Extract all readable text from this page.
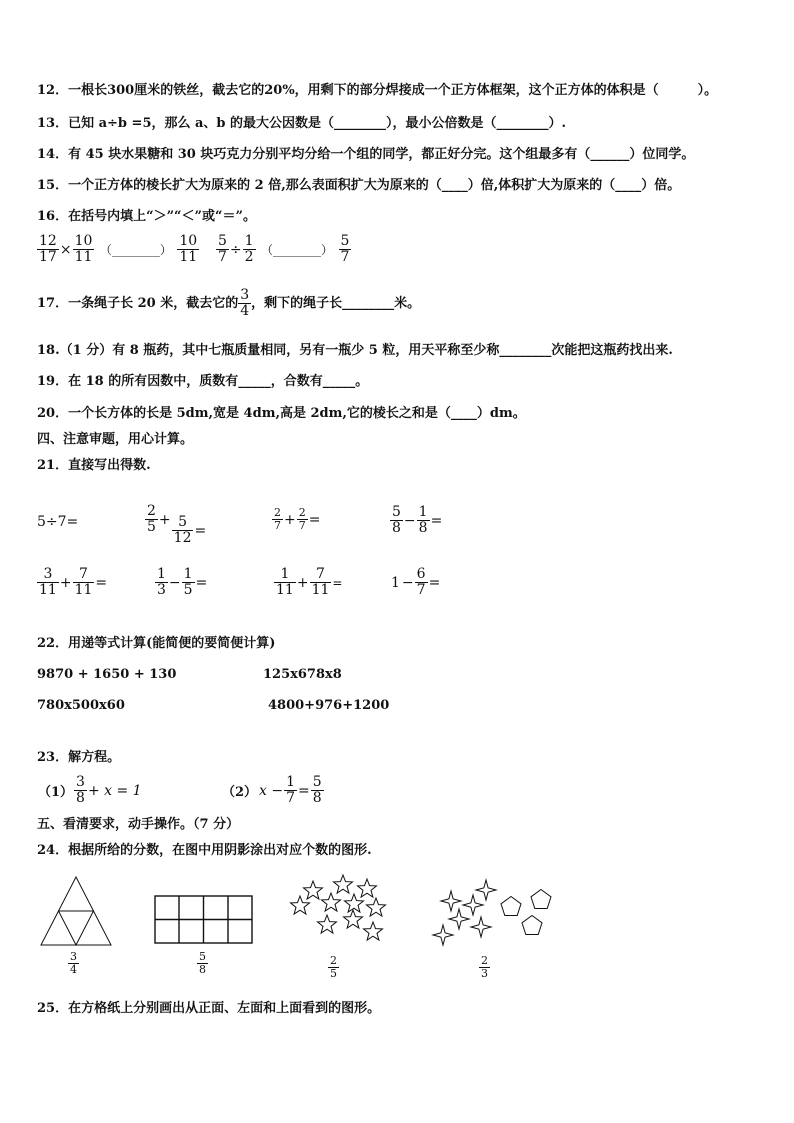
12．一根长300厘米的铁丝，截去它的20%，用剩下的部分焊接成一个正方体框架，这个正方体的体积是（　　　）。
13．已知 a÷b =5，那么 a、b 的最大公因数是（________），最小公倍数是（________）.
14．有 45 块水果糖和 30 块巧克力分别平均分给一个组的同学，都正好分完。这个组最多有（______）位同学。
15．一个正方体的棱长扩大为原来的 2 倍,那么表面积扩大为原来的（____）倍,体积扩大为原来的（____）倍。
16．在括号内填上“＞”“＜”或“＝”。
$\frac{12}{17} \times \frac{10}{11}$ （________） $\frac{10}{11} \frac{5}{7} \div \frac{1}{2}$ （________） $\frac{5}{7}$
17．一条绳子长 20 米，截去它的 $\frac{3}{4}$ ，剩下的绳子长________米。
18.（1 分）有 8 瓶药，其中七瓶质量相同，另有一瓶少 5 粒，用天平称至少称________次能把这瓶药找出来.
19．在 18 的所有因数中，质数有_____，合数有_____。
20．一个长方体的长是 5dm,宽是 4dm,高是 2dm,它的棱长之和是（____）dm。
四、注意审题，用心计算。
21．直接写出得数.
5÷7=	$\frac{2}{5} + \frac{5}{12}$ =	$\frac{2}{7} + \frac{2}{7}$ =	$\frac{5}{8} - \frac{1}{8}$ =
$\frac{3}{11} + \frac{7}{11}$ =	$\frac{1}{3} - \frac{1}{5}$ =	$\frac{1}{11} + \frac{7}{11}$ =	$1 - \frac{6}{7}$ =
22．用递等式计算(能简便的要简便计算)
9870 + 1650 + 130	125x678x8
780x500x60	4800+976+1200
23．解方程。
$(1) \frac{3}{8} + x = 1$	（2） $x - \frac{1}{7} = \frac{5}{8}$
五、看清要求，动手操作。（7 分）
24．根据所给的分数，在图中用阴影涂出对应个数的图形.
$\frac{3}{4}$	$\frac{5}{8}$	$\frac{2}{5}$	$\frac{2}{3}$
25．在方格纸上分别画出从正面、左面和上面看到的图形。
